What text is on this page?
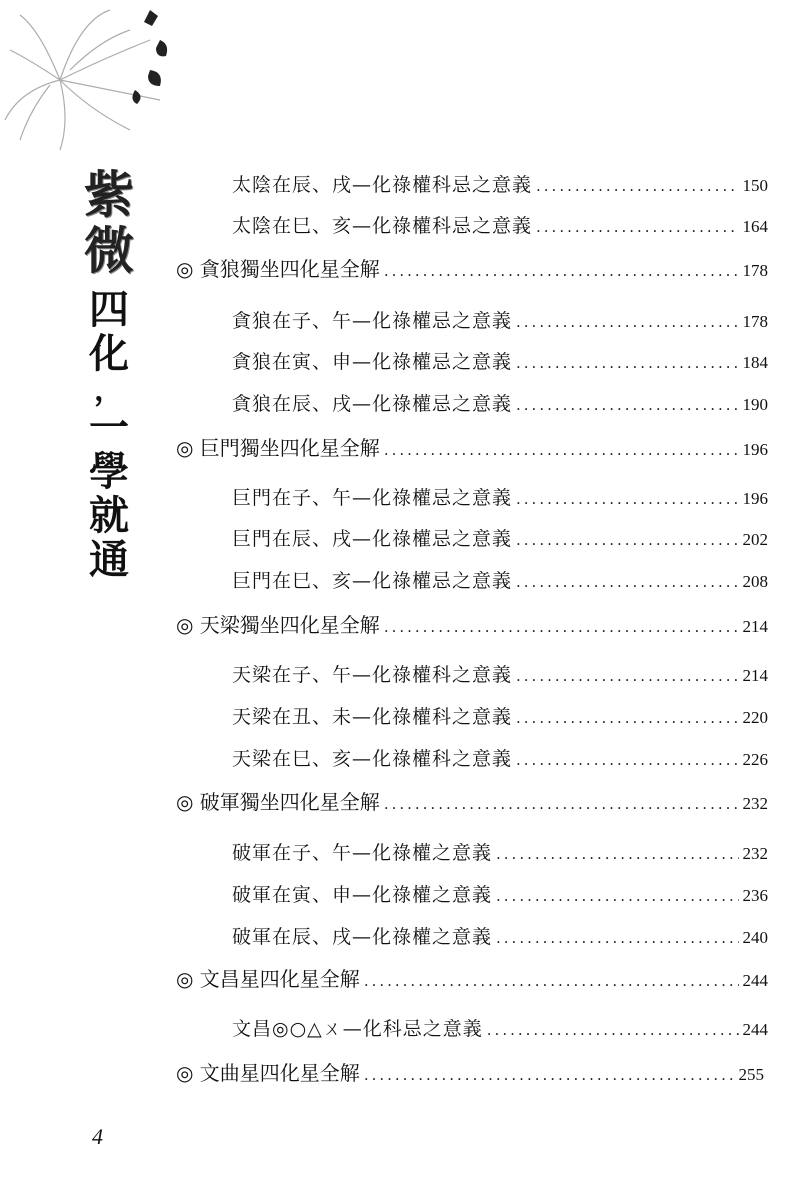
紫
微
四
化
，
一
學
就
通
太陰在辰、戌—化祿權科忌之意義 .....	150
太陰在巳、亥—化祿權科忌之意義 .....	164
◎ 貪狼獨坐四化星全解 .....	178
貪狼在子、午—化祿權忌之意義 .....	178
貪狼在寅、申—化祿權忌之意義 .....	184
貪狼在辰、戌—化祿權忌之意義 .....	190
◎ 巨門獨坐四化星全解 .....	196
巨門在子、午—化祿權忌之意義 .....	196
巨門在辰、戌—化祿權忌之意義 .....	202
巨門在巳、亥—化祿權忌之意義 .....	208
◎ 天梁獨坐四化星全解 .....	214
天梁在子、午—化祿權科之意義 .....	214
天梁在丑、未—化祿權科之意義 .....	220
天梁在巳、亥—化祿權科之意義 .....	226
◎ 破軍獨坐四化星全解 .....	232
破軍在子、午—化祿權之意義 .....	232
破軍在寅、申—化祿權之意義 .....	236
破軍在辰、戌—化祿權之意義 .....	240
◎ 文昌星四化星全解 .....	244
文昌◎○△ㄨ—化科忌之意義 .....	244
◎ 文曲星四化星全解 .....	255
4
